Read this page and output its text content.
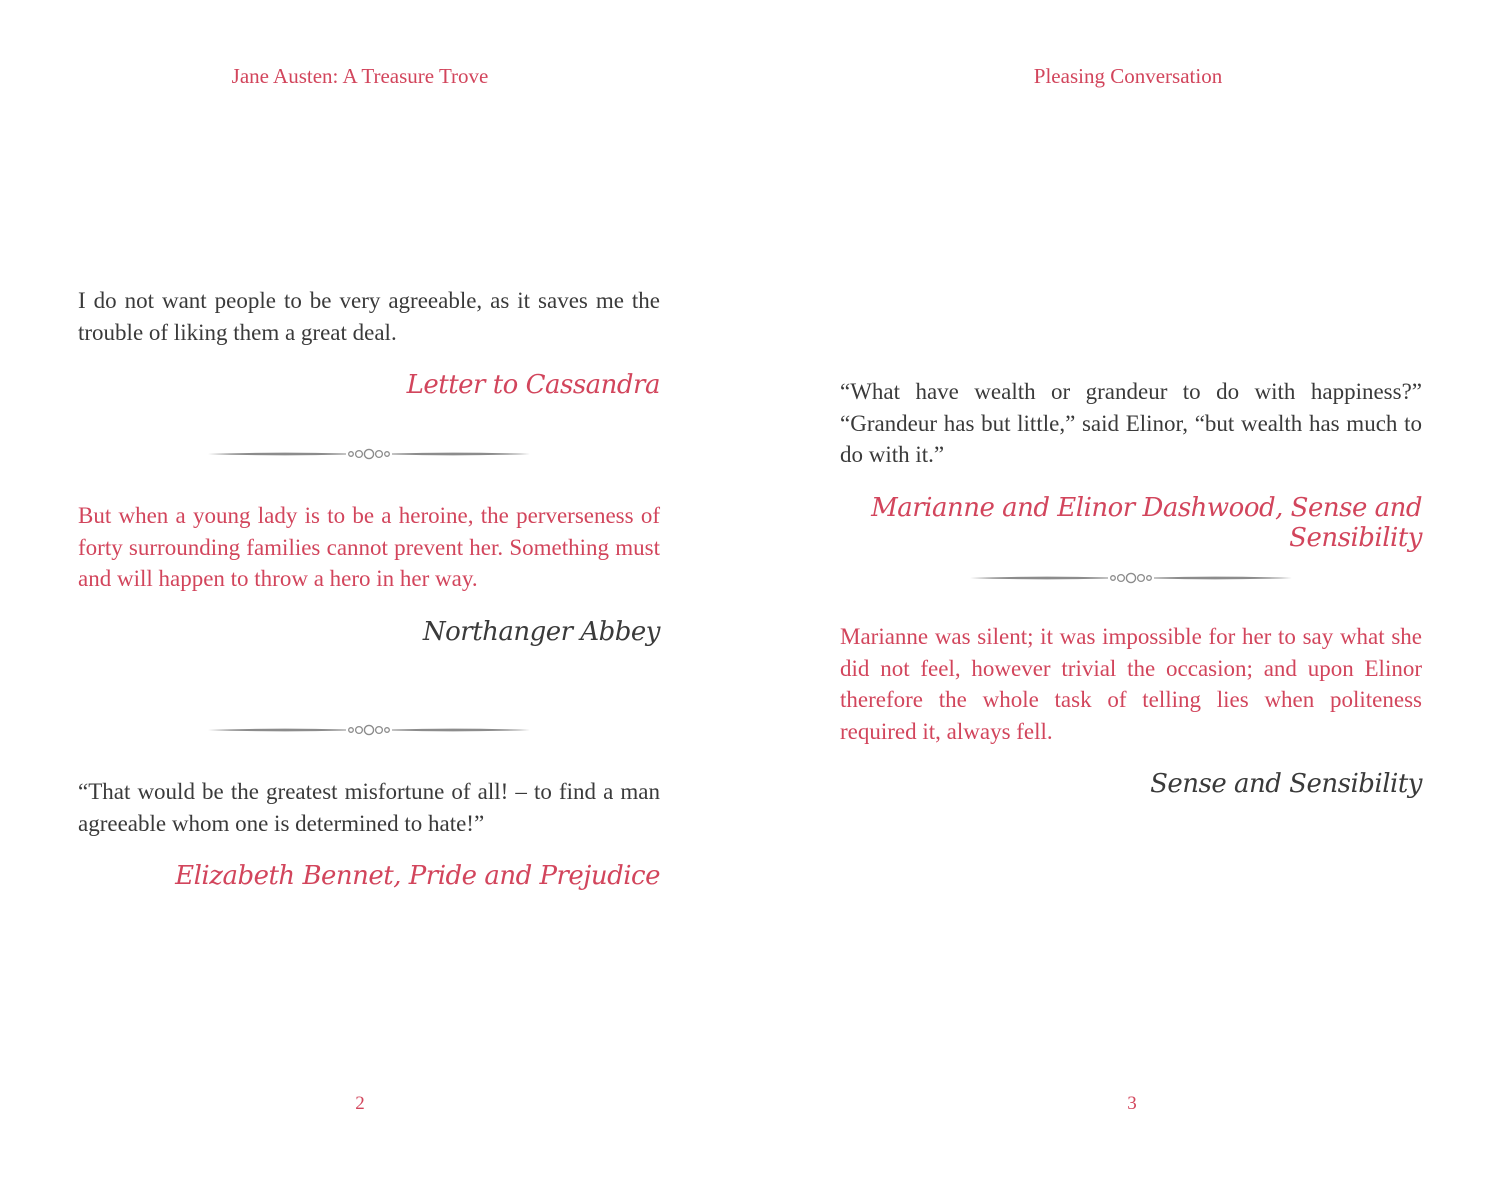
Jane Austen: A Treasure Trove

I do not want people to be very agreeable, as it saves me the trouble of liking them a great deal.

Letter to Cassandra

But when a young lady is to be a heroine, the perverseness of forty surrounding families cannot prevent her. Something must and will happen to throw a hero in her way.

Northanger Abbey

“That would be the greatest misfortune of all! – to find a man agreeable whom one is determined to hate!”

Elizabeth Bennet, Pride and Prejudice
2
Pleasing Conversation

“What have wealth or grandeur to do with happiness?” “Grandeur has but little,” said Elinor, “but wealth has much to do with it.”

Marianne and Elinor Dashwood, Sense and Sensibility

Marianne was silent; it was impossible for her to say what she did not feel, however trivial the occasion; and upon Elinor therefore the whole task of telling lies when politeness required it, always fell.

Sense and Sensibility
3
